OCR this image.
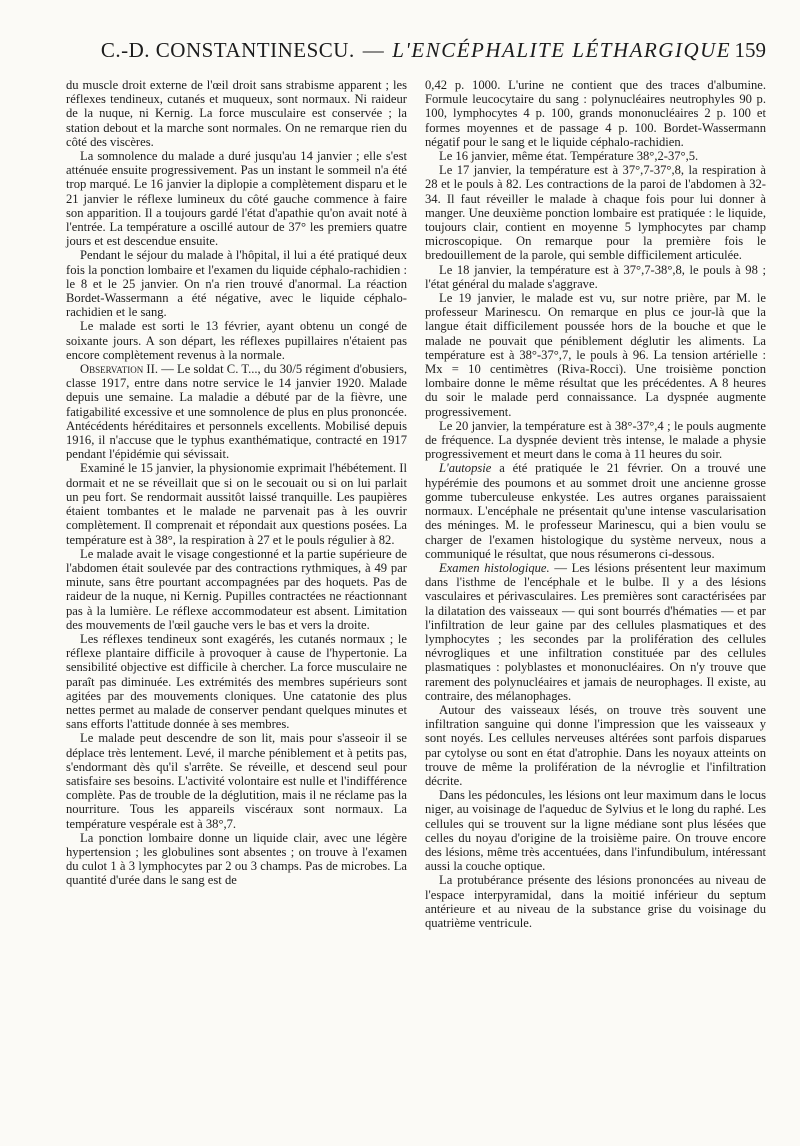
C.-D. CONSTANTINESCU. — L'ENCÉPHALITE LÉTHARGIQUE 159

du muscle droit externe de l'œil droit sans strabisme apparent ; les réflexes tendineux, cutanés et muqueux, sont normaux. Ni raideur de la nuque, ni Kernig. La force musculaire est conservée ; la station debout et la marche sont normales. On ne remarque rien du côté des viscères.

La somnolence du malade a duré jusqu'au 14 janvier ; elle s'est atténuée ensuite progressivement. Pas un instant le sommeil n'a été trop marqué. Le 16 janvier la diplopie a complètement disparu et le 21 janvier le réflexe lumineux du côté gauche commence à faire son apparition. Il a toujours gardé l'état d'apathie qu'on avait noté à l'entrée. La température a oscillé autour de 37° les premiers quatre jours et est descendue ensuite.

Pendant le séjour du malade à l'hôpital, il lui a été pratiqué deux fois la ponction lombaire et l'examen du liquide céphalo-rachidien : le 8 et le 25 janvier. On n'a rien trouvé d'anormal. La réaction Bordet-Wassermann a été négative, avec le liquide céphalo-rachidien et le sang.

Le malade est sorti le 13 février, ayant obtenu un congé de soixante jours. A son départ, les réflexes pupillaires n'étaient pas encore complètement revenus à la normale.

Observation II. — Le soldat C. T..., du 30/5 régiment d'obusiers, classe 1917, entre dans notre service le 14 janvier 1920. Malade depuis une semaine. La maladie a débuté par de la fièvre, une fatigabilité excessive et une somnolence de plus en plus prononcée. Antécédents héréditaires et personnels excellents. Mobilisé depuis 1916, il n'accuse que le typhus exanthématique, contracté en 1917 pendant l'épidémie qui sévissait.

Examiné le 15 janvier, la physionomie exprimait l'hébétement. Il dormait et ne se réveillait que si on le secouait ou si on lui parlait un peu fort. Se rendormait aussitôt laissé tranquille. Les paupières étaient tombantes et le malade ne parvenait pas à les ouvrir complètement. Il comprenait et répondait aux questions posées. La température est à 38°, la respiration à 27 et le pouls régulier à 82.

Le malade avait le visage congestionné et la partie supérieure de l'abdomen était soulevée par des contractions rythmiques, à 49 par minute, sans être pourtant accompagnées par des hoquets. Pas de raideur de la nuque, ni Kernig. Pupilles contractées ne réactionnant pas à la lumière. Le réflexe accommodateur est absent. Limitation des mouvements de l'œil gauche vers le bas et vers la droite.

Les réflexes tendineux sont exagérés, les cutanés normaux ; le réflexe plantaire difficile à provoquer à cause de l'hypertonie. La sensibilité objective est difficile à chercher. La force musculaire ne paraît pas diminuée. Les extrémités des membres supérieurs sont agitées par des mouvements cloniques. Une catatonie des plus nettes permet au malade de conserver pendant quelques minutes et sans efforts l'attitude donnée à ses membres.

Le malade peut descendre de son lit, mais pour s'asseoir il se déplace très lentement. Levé, il marche péniblement et à petits pas, s'endormant dès qu'il s'arrête. Se réveille, et descend seul pour satisfaire ses besoins. L'activité volontaire est nulle et l'indifférence complète. Pas de trouble de la déglutition, mais il ne réclame pas la nourriture. Tous les appareils viscéraux sont normaux. La température vespérale est à 38°,7.

La ponction lombaire donne un liquide clair, avec une légère hypertension ; les globulines sont absentes ; on trouve à l'examen du culot 1 à 3 lymphocytes par 2 ou 3 champs. Pas de microbes. La quantité d'urée dans le sang est de

0,42 p. 1000. L'urine ne contient que des traces d'albumine. Formule leucocytaire du sang : polynucléaires neutrophyles 90 p. 100, lymphocytes 4 p. 100, grands mononucléaires 2 p. 100 et formes moyennes et de passage 4 p. 100. Bordet-Wassermann négatif pour le sang et le liquide céphalo-rachidien.

Le 16 janvier, même état. Température 38°,2-37°,5.

Le 17 janvier, la température est à 37°,7-37°,8, la respiration à 28 et le pouls à 82. Les contractions de la paroi de l'abdomen à 32-34. Il faut réveiller le malade à chaque fois pour lui donner à manger. Une deuxième ponction lombaire est pratiquée : le liquide, toujours clair, contient en moyenne 5 lymphocytes par champ microscopique. On remarque pour la première fois le bredouillement de la parole, qui semble difficilement articulée.

Le 18 janvier, la température est à 37°,7-38°,8, le pouls à 98 ; l'état général du malade s'aggrave.

Le 19 janvier, le malade est vu, sur notre prière, par M. le professeur Marinescu. On remarque en plus ce jour-là que la langue était difficilement poussée hors de la bouche et que le malade ne pouvait que péniblement déglutir les aliments. La température est à 38°-37°,7, le pouls à 96. La tension artérielle : Mx = 10 centimètres (Riva-Rocci). Une troisième ponction lombaire donne le même résultat que les précédentes. A 8 heures du soir le malade perd connaissance. La dyspnée augmente progressivement.

Le 20 janvier, la température est à 38°-37°,4 ; le pouls augmente de fréquence. La dyspnée devient très intense, le malade a physie progressivement et meurt dans le coma à 11 heures du soir.

L'autopsie a été pratiquée le 21 février. On a trouvé une hypérémie des poumons et au sommet droit une ancienne grosse gomme tuberculeuse enkystée. Les autres organes paraissaient normaux. L'encéphale ne présentait qu'une intense vascularisation des méninges. M. le professeur Marinescu, qui a bien voulu se charger de l'examen histologique du système nerveux, nous a communiqué le résultat, que nous résumerons ci-dessous.

Examen histologique. — Les lésions présentent leur maximum dans l'isthme de l'encéphale et le bulbe. Il y a des lésions vasculaires et périvasculaires. Les premières sont caractérisées par la dilatation des vaisseaux — qui sont bourrés d'hématies — et par l'infiltration de leur gaine par des cellules plasmatiques et des lymphocytes ; les secondes par la prolifération des cellules névrogliques et une infiltration constituée par des cellules plasmatiques : polyblastes et mononucléaires. On n'y trouve que rarement des polynucléaires et jamais de neurophages. Il existe, au contraire, des mélanophages.

Autour des vaisseaux lésés, on trouve très souvent une infiltration sanguine qui donne l'impression que les vaisseaux y sont noyés. Les cellules nerveuses altérées sont parfois disparues par cytolyse ou sont en état d'atrophie. Dans les noyaux atteints on trouve de même la prolifération de la névroglie et l'infiltration décrite.

Dans les pédoncules, les lésions ont leur maximum dans le locus niger, au voisinage de l'aqueduc de Sylvius et le long du raphé. Les cellules qui se trouvent sur la ligne médiane sont plus lésées que celles du noyau d'origine de la troisième paire. On trouve encore des lésions, même très accentuées, dans l'infundibulum, intéressant aussi la couche optique.

La protubérance présente des lésions prononcées au niveau de l'espace interpyramidal, dans la moitié inférieur du septum antérieure et au niveau de la substance grise du voisinage du quatrième ventricule.
